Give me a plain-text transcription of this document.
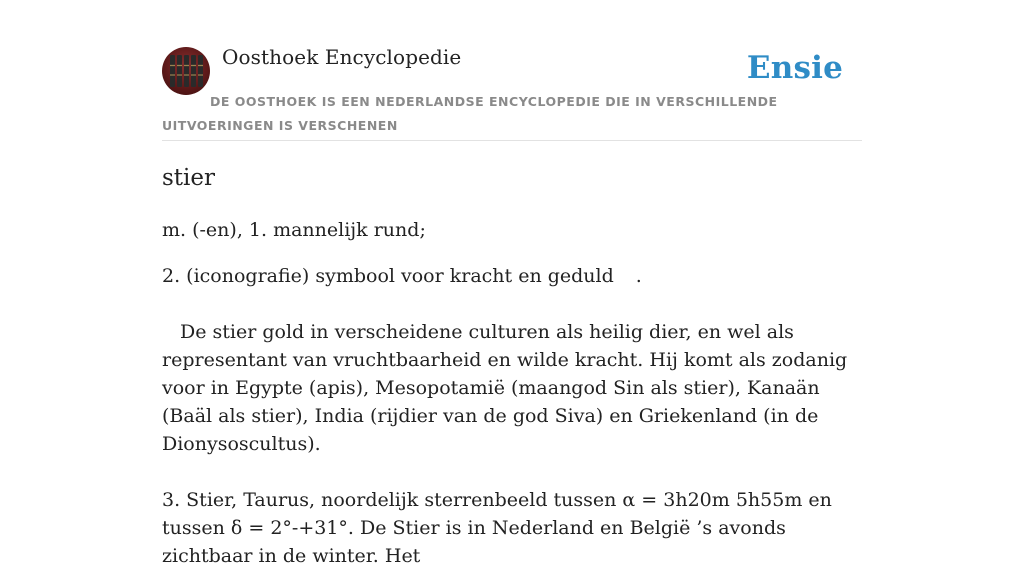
Oosthoek Encyclopedie	Ensie
DE OOSTHOEK IS EEN NEDERLANDSE ENCYCLOPEDIE DIE IN VERSCHILLENDE UITVOERINGEN IS VERSCHENEN
stier

m. (-en), 1. mannelijk rund;

2. (iconografie) symbool voor kracht en geduld .

De stier gold in verscheidene culturen als heilig dier, en wel als representant van vruchtbaarheid en wilde kracht. Hij komt als zodanig voor in Egypte (apis), Mesopotamië (maangod Sin als stier), Kanaän (Baäl als stier), India (rijdier van de god Siva) en Griekenland (in de Dionysoscultus).

3. Stier, Taurus, noordelijk sterrenbeeld tussen α = 3h20m 5h55m en tussen δ = 2°-+31°. De Stier is in Nederland en België ’s avonds zichtbaar in de winter. Het
